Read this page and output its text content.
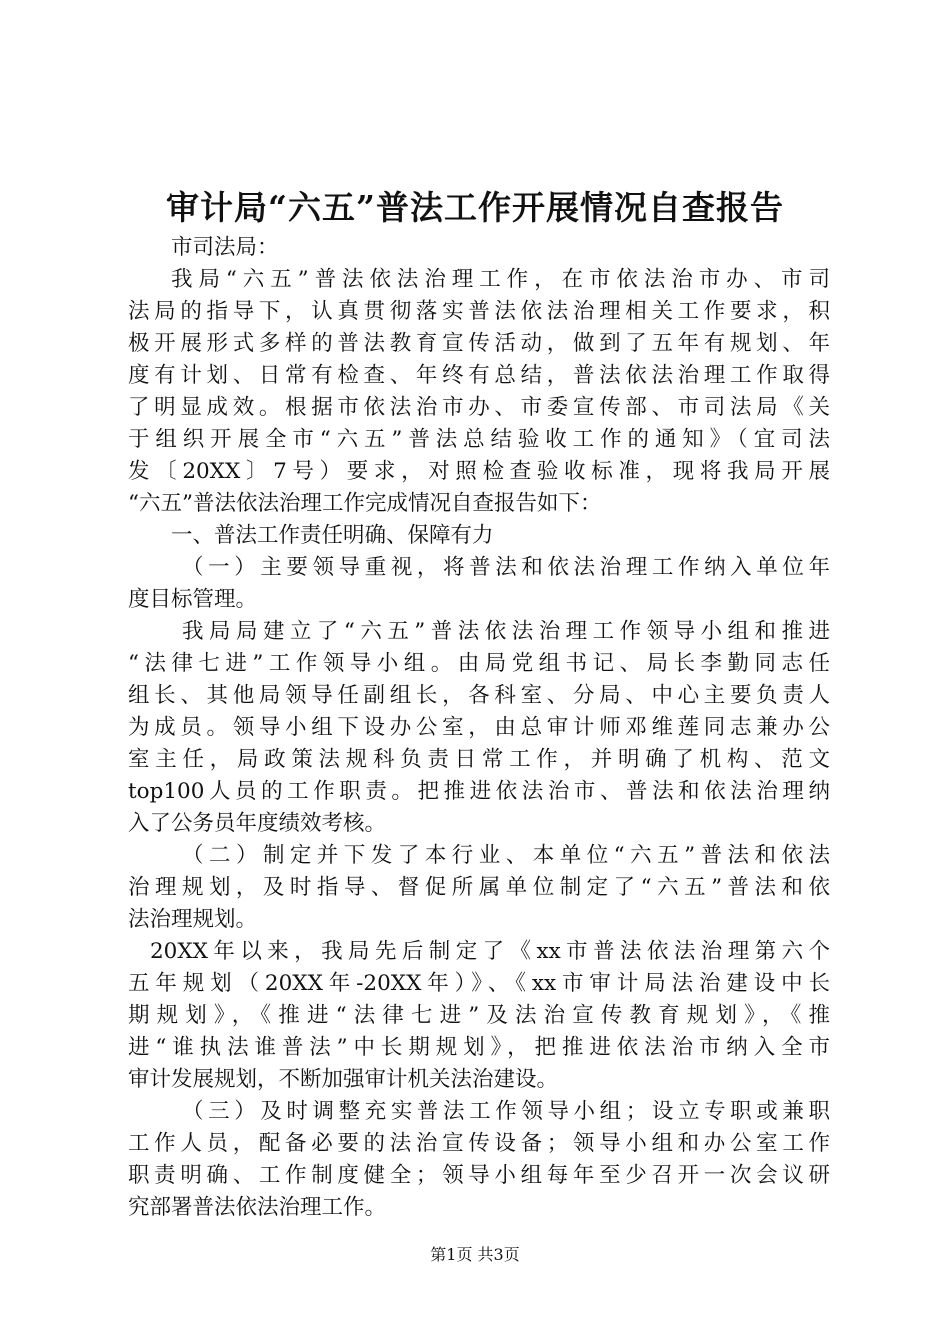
审计局“六五”普法工作开展情况自查报告
市司法局：
我局“六五”普法依法治理工作，在市依法治市办、市司
法局的指导下，认真贯彻落实普法依法治理相关工作要求，积
极开展形式多样的普法教育宣传活动，做到了五年有规划、年
度有计划、日常有检查、年终有总结，普法依法治理工作取得
了明显成效。根据市依法治市办、市委宣传部、市司法局《关
于组织开展全市“六五”普法总结验收工作的通知》（宜司法
发〔20XX〕7号）要求，对照检查验收标准，现将我局开展
“六五”普法依法治理工作完成情况自查报告如下：
一、普法工作责任明确、保障有力
（一）主要领导重视，将普法和依法治理工作纳入单位年
度目标管理。
我局局建立了“六五”普法依法治理工作领导小组和推进
“法律七进”工作领导小组。由局党组书记、局长李勤同志任
组长、其他局领导任副组长，各科室、分局、中心主要负责人
为成员。领导小组下设办公室，由总审计师邓维莲同志兼办公
室主任，局政策法规科负责日常工作，并明确了机构、范文
top100人员的工作职责。把推进依法治市、普法和依法治理纳
入了公务员年度绩效考核。
（二）制定并下发了本行业、本单位“六五”普法和依法
治理规划，及时指导、督促所属单位制定了“六五”普法和依
法治理规划。
20XX年以来，我局先后制定了《xx市普法依法治理第六个
五年规划（20XX年-20XX年）》、《xx市审计局法治建设中长
期规划》，《推进“法律七进”及法治宣传教育规划》，《推
进“谁执法谁普法”中长期规划》，把推进依法治市纳入全市
审计发展规划，不断加强审计机关法治建设。
（三）及时调整充实普法工作领导小组；设立专职或兼职
工作人员，配备必要的法治宣传设备；领导小组和办公室工作
职责明确、工作制度健全；领导小组每年至少召开一次会议研
究部署普法依法治理工作。
第1页 共3页
